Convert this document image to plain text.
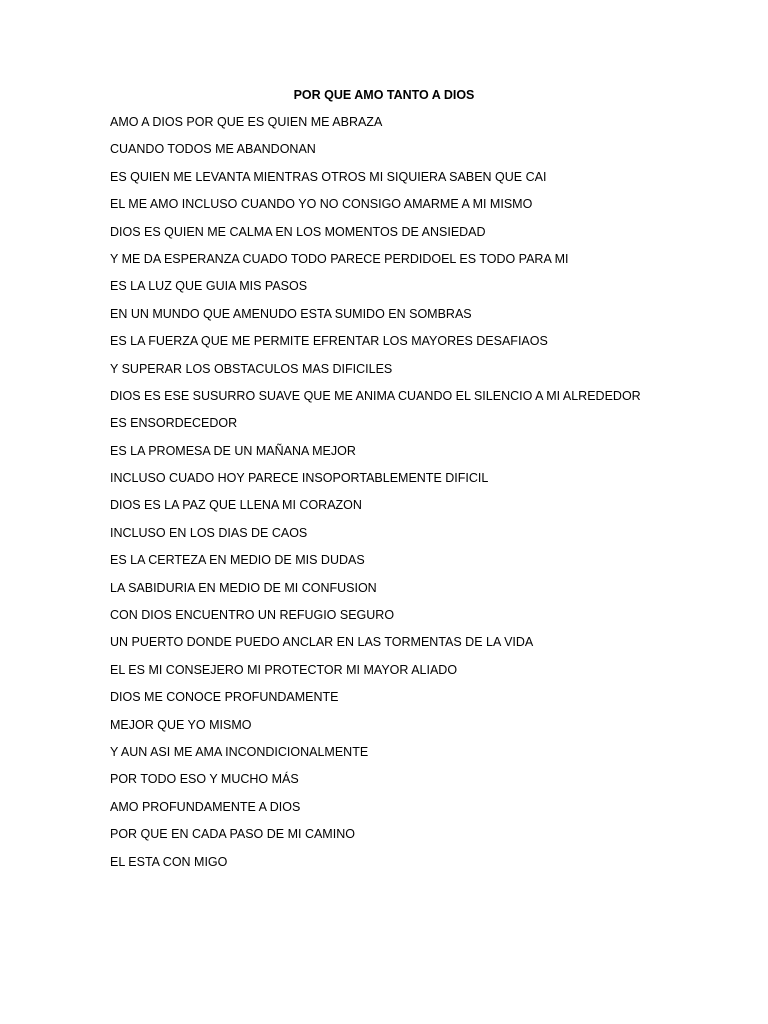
POR QUE AMO TANTO A DIOS
AMO A DIOS POR QUE ES QUIEN ME ABRAZA
CUANDO TODOS ME ABANDONAN
ES QUIEN ME LEVANTA MIENTRAS OTROS MI SIQUIERA SABEN QUE CAI
EL ME AMO INCLUSO CUANDO YO NO CONSIGO AMARME A MI MISMO
DIOS ES QUIEN ME CALMA EN LOS MOMENTOS DE ANSIEDAD
Y ME DA ESPERANZA CUADO TODO PARECE PERDIDOEL ES TODO PARA MI
ES LA LUZ QUE GUIA MIS PASOS
EN UN MUNDO QUE AMENUDO ESTA SUMIDO EN SOMBRAS
ES LA FUERZA QUE ME PERMITE EFRENTAR LOS MAYORES DESAFIAOS
Y SUPERAR LOS OBSTACULOS MAS DIFICILES
DIOS ES ESE SUSURRO SUAVE QUE ME ANIMA CUANDO EL SILENCIO A MI ALREDEDOR
ES ENSORDECEDOR
ES LA PROMESA DE UN MAÑANA MEJOR
INCLUSO CUADO HOY PARECE INSOPORTABLEMENTE DIFICIL
DIOS ES LA PAZ QUE LLENA MI CORAZON
INCLUSO EN LOS DIAS DE CAOS
ES LA CERTEZA EN MEDIO DE MIS DUDAS
LA SABIDURIA EN MEDIO DE MI CONFUSION
CON DIOS ENCUENTRO UN REFUGIO SEGURO
UN PUERTO DONDE PUEDO ANCLAR EN LAS TORMENTAS DE LA VIDA
EL ES MI CONSEJERO MI PROTECTOR MI MAYOR ALIADO
DIOS ME CONOCE PROFUNDAMENTE
MEJOR QUE YO MISMO
Y AUN ASI ME AMA INCONDICIONALMENTE
POR TODO ESO Y MUCHO MÁS
AMO PROFUNDAMENTE A DIOS
POR QUE EN CADA PASO DE MI CAMINO
EL ESTA CON MIGO
